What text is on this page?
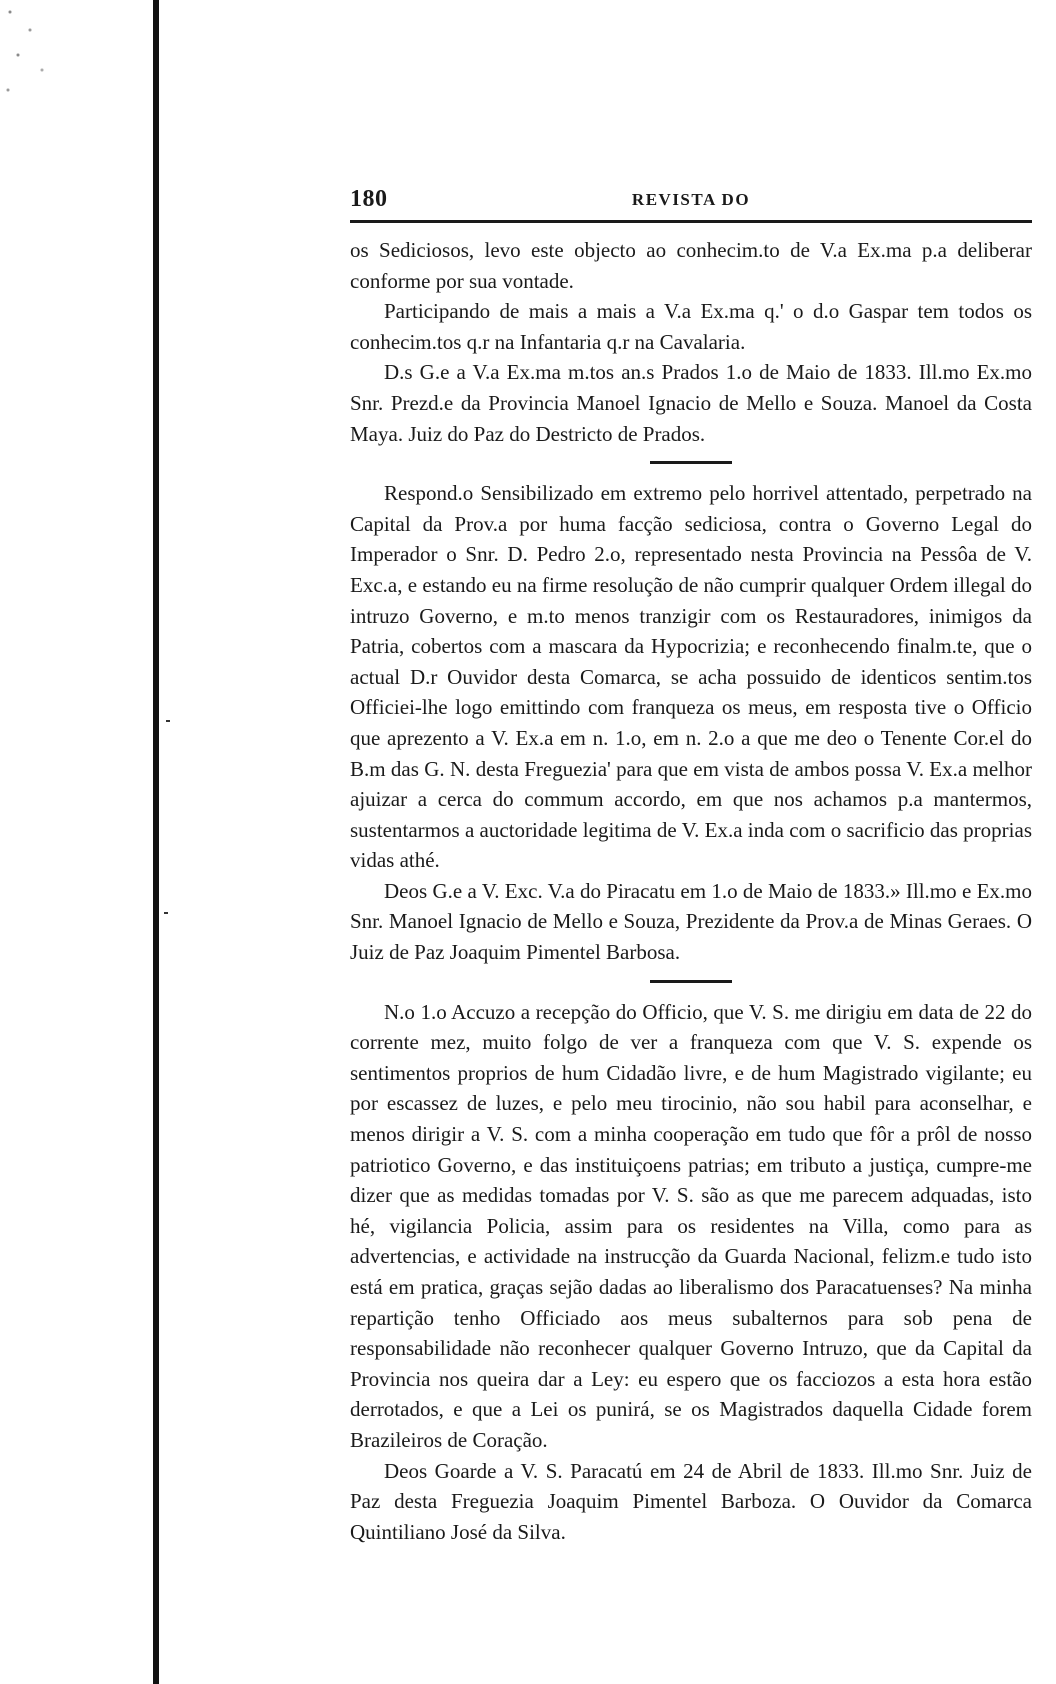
180	REVISTA DO

os Sediciosos, levo este objecto ao conhecim.to de V.a Ex.ma p.a deliberar conforme por sua vontade.

Participando de mais a mais a V.a Ex.ma q.' o d.o Gaspar tem todos os conhecim.tos q.r na Infantaria q.r na Cavalaria.

D.s G.e a V.a Ex.ma m.tos an.s Prados 1.o de Maio de 1833. Ill.mo Ex.mo Snr. Prezd.e da Provincia Manoel Ignacio de Mello e Souza. Manoel da Costa Maya. Juiz do Paz do Destricto de Prados.

Respond.o Sensibilizado em extremo pelo horrivel attentado, perpetrado na Capital da Prov.a por huma facção sediciosa, contra o Governo Legal do Imperador o Snr. D. Pedro 2.o, representado nesta Provincia na Pessôa de V. Exc.a, e estando eu na firme resolução de não cumprir qualquer Ordem illegal do intruzo Governo, e m.to menos tranzigir com os Restauradores, inimigos da Patria, cobertos com a mascara da Hypocrizia; e reconhecendo finalm.te, que o actual D.r Ouvidor desta Comarca, se acha possuido de identicos sentim.tos Officiei-lhe logo emittindo com franqueza os meus, em resposta tive o Officio que aprezento a V. Ex.a em n. 1.o, em n. 2.o a que me deo o Tenente Cor.el do B.m das G. N. desta Freguezia' para que em vista de ambos possa V. Ex.a melhor ajuizar a cerca do commum accordo, em que nos achamos p.a mantermos, sustentarmos a auctoridade legitima de V. Ex.a inda com o sacrificio das proprias vidas athé.

Deos G.e a V. Exc. V.a do Piracatu em 1.o de Maio de 1833.» Ill.mo e Ex.mo Snr. Manoel Ignacio de Mello e Souza, Prezidente da Prov.a de Minas Geraes. O Juiz de Paz Joaquim Pimentel Barbosa.

N.o 1.o Accuzo a recepção do Officio, que V. S. me dirigiu em data de 22 do corrente mez, muito folgo de ver a franqueza com que V. S. expende os sentimentos proprios de hum Cidadão livre, e de hum Magistrado vigilante; eu por escassez de luzes, e pelo meu tirocinio, não sou habil para aconselhar, e menos dirigir a V. S. com a minha cooperação em tudo que fôr a prôl de nosso patriotico Governo, e das instituiçoens patrias; em tributo a justiça, cumpre-me dizer que as medidas tomadas por V. S. são as que me parecem adquadas, isto hé, vigilancia Policia, assim para os residentes na Villa, como para as advertencias, e actividade na instrucção da Guarda Nacional, felizm.e tudo isto está em pratica, graças sejão dadas ao liberalismo dos Paracatuenses? Na minha repartição tenho Officiado aos meus subalternos para sob pena de responsabilidade não reconhecer qualquer Governo Intruzo, que da Capital da Provincia nos queira dar a Ley: eu espero que os facciozos a esta hora estão derrotados, e que a Lei os punirá, se os Magistrados daquella Cidade forem Brazileiros de Coração.

Deos Goarde a V. S. Paracatú em 24 de Abril de 1833. Ill.mo Snr. Juiz de Paz desta Freguezia Joaquim Pimentel Barboza. O Ouvidor da Comarca Quintiliano José da Silva.
